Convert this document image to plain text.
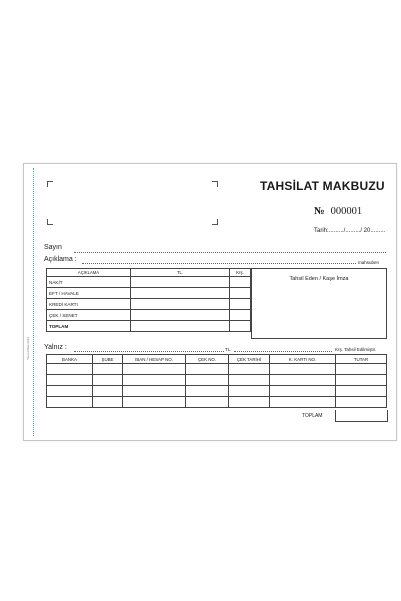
Yayın Ofset 2024
TAHSİLAT MAKBUZU
№ 000001
Tarih:........./........./ 20.........
Sayın
Açıklama :	mahsuben
AÇIKLAMA	TL.	Krş.
NAKİT		
EFT / HAVALE		
KREDİ KARTI		
ÇEK / SENET		
TOPLAM		
Tahsil Eden / Kaşe İmza
Yalnız :	TL.	Krş. Tahsil Edilmiştir.
BANKA	ŞUBE	IBAN / HESAP NO.	ÇEK NO.	ÇEK TARİHİ	K. KARTI NO.	TUTAR

TOPLAM
